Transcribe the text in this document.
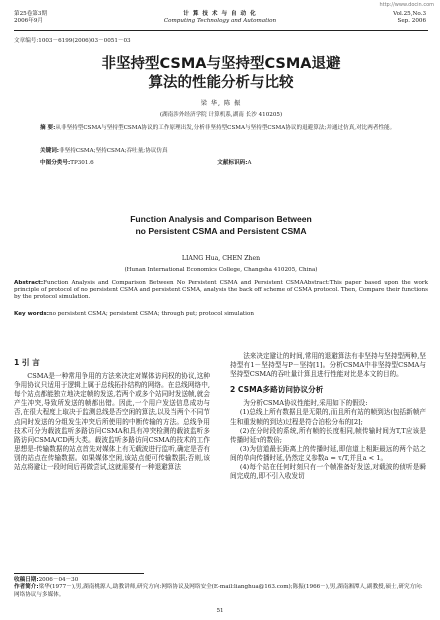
http://www.docin.com
第25卷第3期
2006年9月
计 算 技 术 与 自 动 化
Computing Technology and Automation
Vol.25,No.3
Sep. 2006
文章编号:1003－6199(2006)03－0051－03
非坚持型CSMA与坚持型CSMA退避
算法的性能分析与比较
梁 华, 陈 振
(湖南涉外经济学院 计算机系,湖南 长沙 410205)
摘 要:从非坚持型CSMA与坚持型CSMA协议的工作原理出发,分析非坚持型CSMA与坚持型CSMA协议的退避算法;并通过仿真,对比两者性能。
关键词:非坚持CSMA;坚持CSMA;吞吐量;协议仿真
中图分类号:TP301.6	文献标识码:A
Function Analysis and Comparison Between
no Persistent CSMA and Persistent CSMA
LIANG Hua, CHEN Zhen
(Hunan International Economics College, Changsha 410205, China)
Abstract:Function Analysis and Comparison Between No Persistent CSMA and Persistent CSMAAbstract:This paper based upon the work principle of protocol of no persistent CSMA and persistent CSMA, analysis the back off scheme of CSMA protocol. Then, Compare their functions by the protocol simulation.
Key words:no persistent CSMA; persistent CSMA; through put; protocol simulation

1 引 言

CSMA是一种常用争用的方法来决定对媒体访问权的协议,这种争用协议只适用于逻辑上属于总线拓扑结构的网络。在总线网络中,每个站点都能独立地决定帧的发送,若两个或多个站同时发送帧,就会产生冲突,导致所发送的帧都出错。因此,一个用户发送信息成功与否,在很大程度上取决于监测总线是否空闲的算法,以及当两个不同节点同时发送的分组发生冲突后所使用的中断传输的方法。总线争用技术可分为载波监听多路访问CSMA和具有冲突检测的载波监听多路访问CSMA/CD两大类。载波监听多路访问CSMA的技术的工作思想是:传输数据的站点首先对媒体上有无载波进行监听,确定是否有别的站点在传输数据。如果媒体空闲,该站点便可传输数据;否则,该站点将避让一段时间后再做尝试,这就需要有一种退避算法

法来决定避让的时间,常用的退避算法有非坚持与坚持型两种,坚持型有1－坚持型与P－坚持[1]。分析CSMA中非坚持型CSMA与坚持型CSMA的吞吐量计算且进行性能对比是本文的目的。

2 CSMA多路访问协议分析

为分析CSMA协议性能时,采用如下的假设:

(1)总线上所有数据且是无限的,而且所有站的帧到达(包括新帧产生和重发帧的到达)过程是符合泊松分布的[2];

(2)在分时段的系统,所有帧的长度相同,帧传输时间为T,T应该是传播时延τ的数倍;

(3)为信道最长距离上的传播时延,即信道上相距最远的两个站之间的单向传播时延,仍然定义参数a = τ/T,并且a < 1。

(4)每个站在任何时刻只有一个帧准备好发送,对载波的侦听是瞬间完成的,即不引入收发切

收稿日期:2006－04－30
作者简介:梁华(1977－),男,湖南桃源人,助教讲师,研究方向:网络协议及网络安全(E-mail:lianghua@163.com);陈振(1966－),男,湖南湘潭人,副教授,硕士,研究方向:网络协议与多媒体。
51
